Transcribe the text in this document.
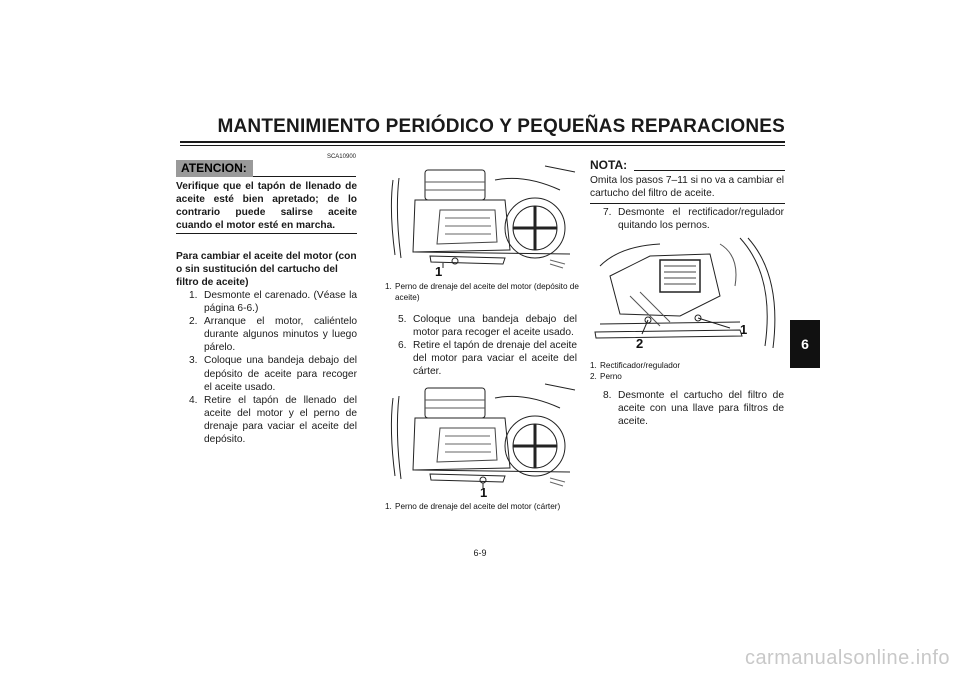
MANTENIMIENTO PERIÓDICO Y PEQUEÑAS REPARACIONES
6
SCA10900
ATENCION:
Verifique que el tapón de llenado de aceite esté bien apretado; de lo contrario puede salirse aceite cuando el motor esté en marcha.
Para cambiar el aceite del motor (con o sin sustitución del cartucho del filtro de aceite)
1. Desmonte el carenado. (Véase la página 6-6.)
2. Arranque el motor, caliéntelo durante algunos minutos y luego párelo.
3. Coloque una bandeja debajo del depósito de aceite para recoger el aceite usado.
4. Retire el tapón de llenado del aceite del motor y el perno de drenaje para vaciar el aceite del depósito.
1
1. Perno de drenaje del aceite del motor (depósito de aceite)
5. Coloque una bandeja debajo del motor para recoger el aceite usado.
6. Retire el tapón de drenaje del aceite del motor para vaciar el aceite del cárter.
1
1. Perno de drenaje del aceite del motor (cárter)
NOTA:
Omita los pasos 7–11 si no va a cambiar el cartucho del filtro de aceite.
7. Desmonte el rectificador/regulador quitando los pernos.
1
2
1. Rectificador/regulador
2. Perno
8. Desmonte el cartucho del filtro de aceite con una llave para filtros de aceite.
6-9
carmanualsonline.info
